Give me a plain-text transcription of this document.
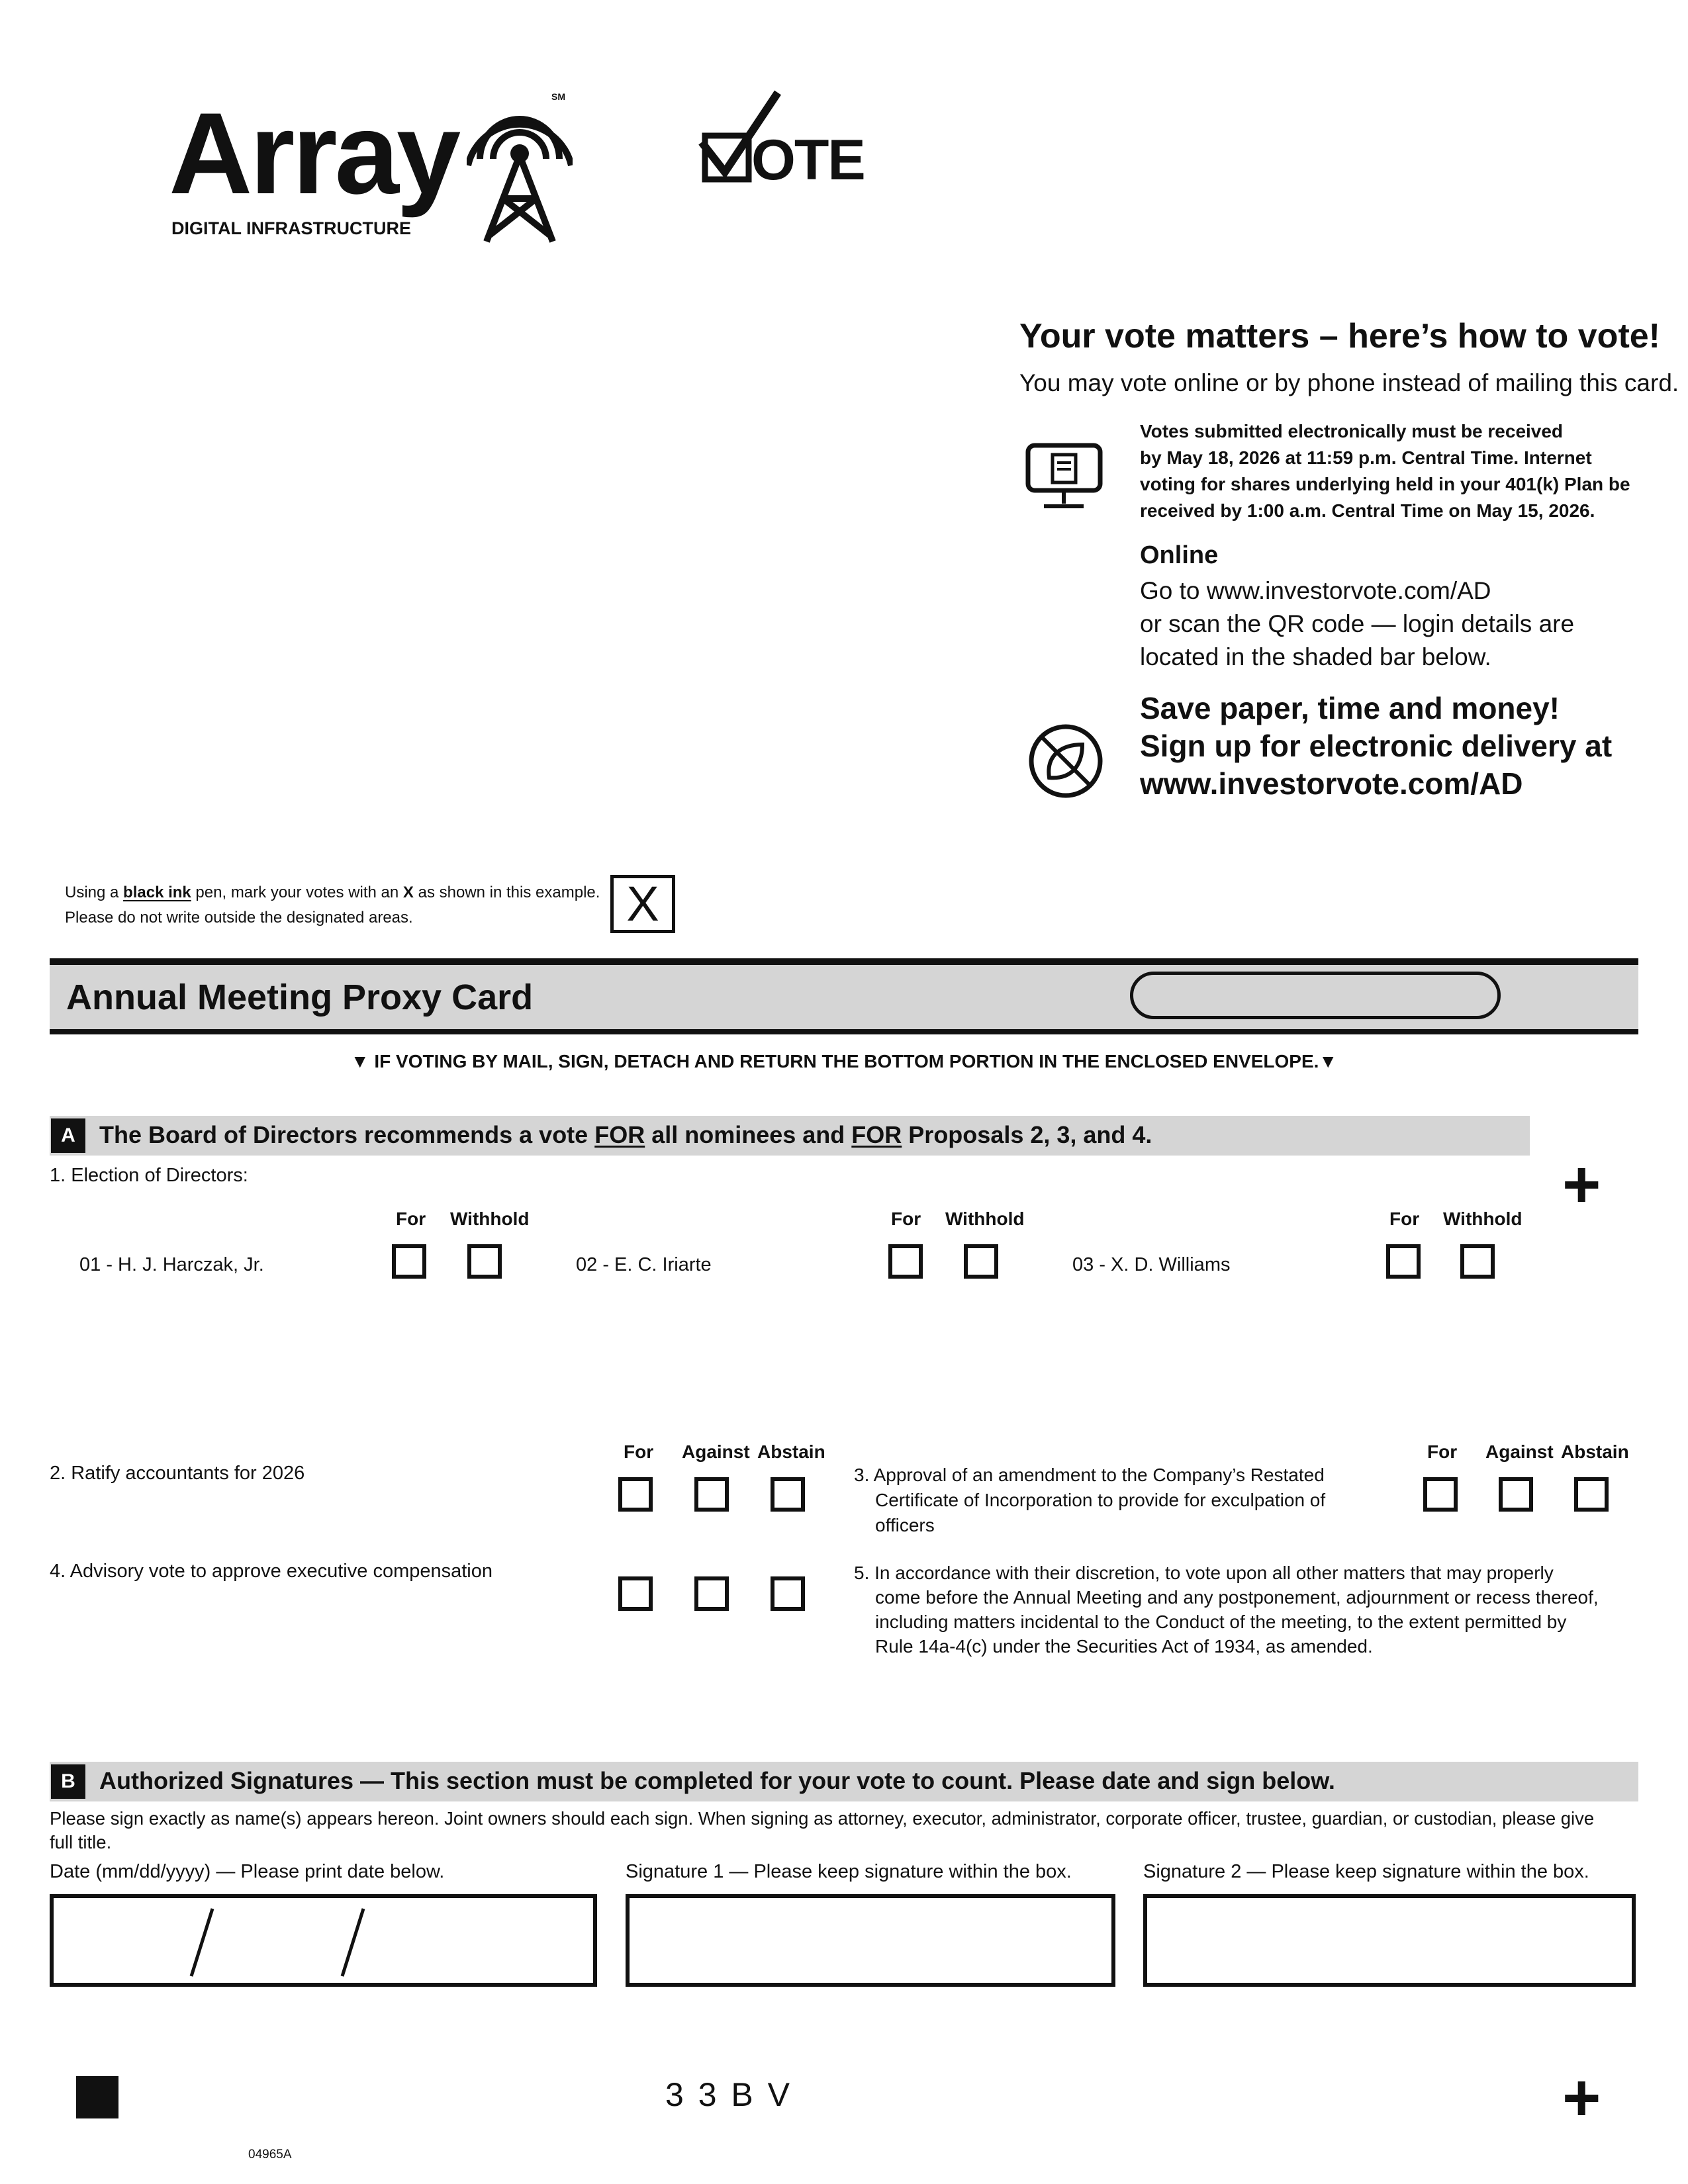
Array
DIGITAL INFRASTRUCTURE
SM
OTE
Your vote matters – here’s how to vote!
You may vote online or by phone instead of mailing this card.
Votes submitted electronically must be received
by May 18, 2026 at 11:59 p.m. Central Time. Internet
voting for shares underlying held in your 401(k) Plan be
received by 1:00 a.m. Central Time on May 15, 2026.
Online
Go to www.investorvote.com/AD
or scan the QR code — login details are
located in the shaded bar below.
Save paper, time and money!
Sign up for electronic delivery at
www.investorvote.com/AD
Using a black ink pen, mark your votes with an X as shown in this example.
Please do not write outside the designated areas.	X
Annual Meeting Proxy Card
▼ IF VOTING BY MAIL, SIGN, DETACH AND RETURN THE BOTTOM PORTION IN THE ENCLOSED ENVELOPE.▼
A	The Board of Directors recommends a vote FOR all nominees and FOR Proposals 2, 3, and 4.
+
1. Election of Directors:
For Withhold	For Withhold	For Withhold
01 - H. J. Harczak, Jr.	02 - E. C. Iriarte	03 - X. D. Williams
For Against Abstain	For Against Abstain
2. Ratify accountants for 2026	3. Approval of an amendment to the Company’s Restated
Certificate of Incorporation to provide for exculpation of
officers
4. Advisory vote to approve executive compensation	5. In accordance with their discretion, to vote upon all other matters that may properly
come before the Annual Meeting and any postponement, adjournment or recess thereof,
including matters incidental to the Conduct of the meeting, to the extent permitted by
Rule 14a-4(c) under the Securities Act of 1934, as amended.
B	Authorized Signatures — This section must be completed for your vote to count. Please date and sign below.
Please sign exactly as name(s) appears hereon. Joint owners should each sign. When signing as attorney, executor, administrator, corporate officer, trustee, guardian, or custodian, please give
full title.
Date (mm/dd/yyyy) — Please print date below.	Signature 1 — Please keep signature within the box.	Signature 2 — Please keep signature within the box.
3 3 B V	+
04965A
